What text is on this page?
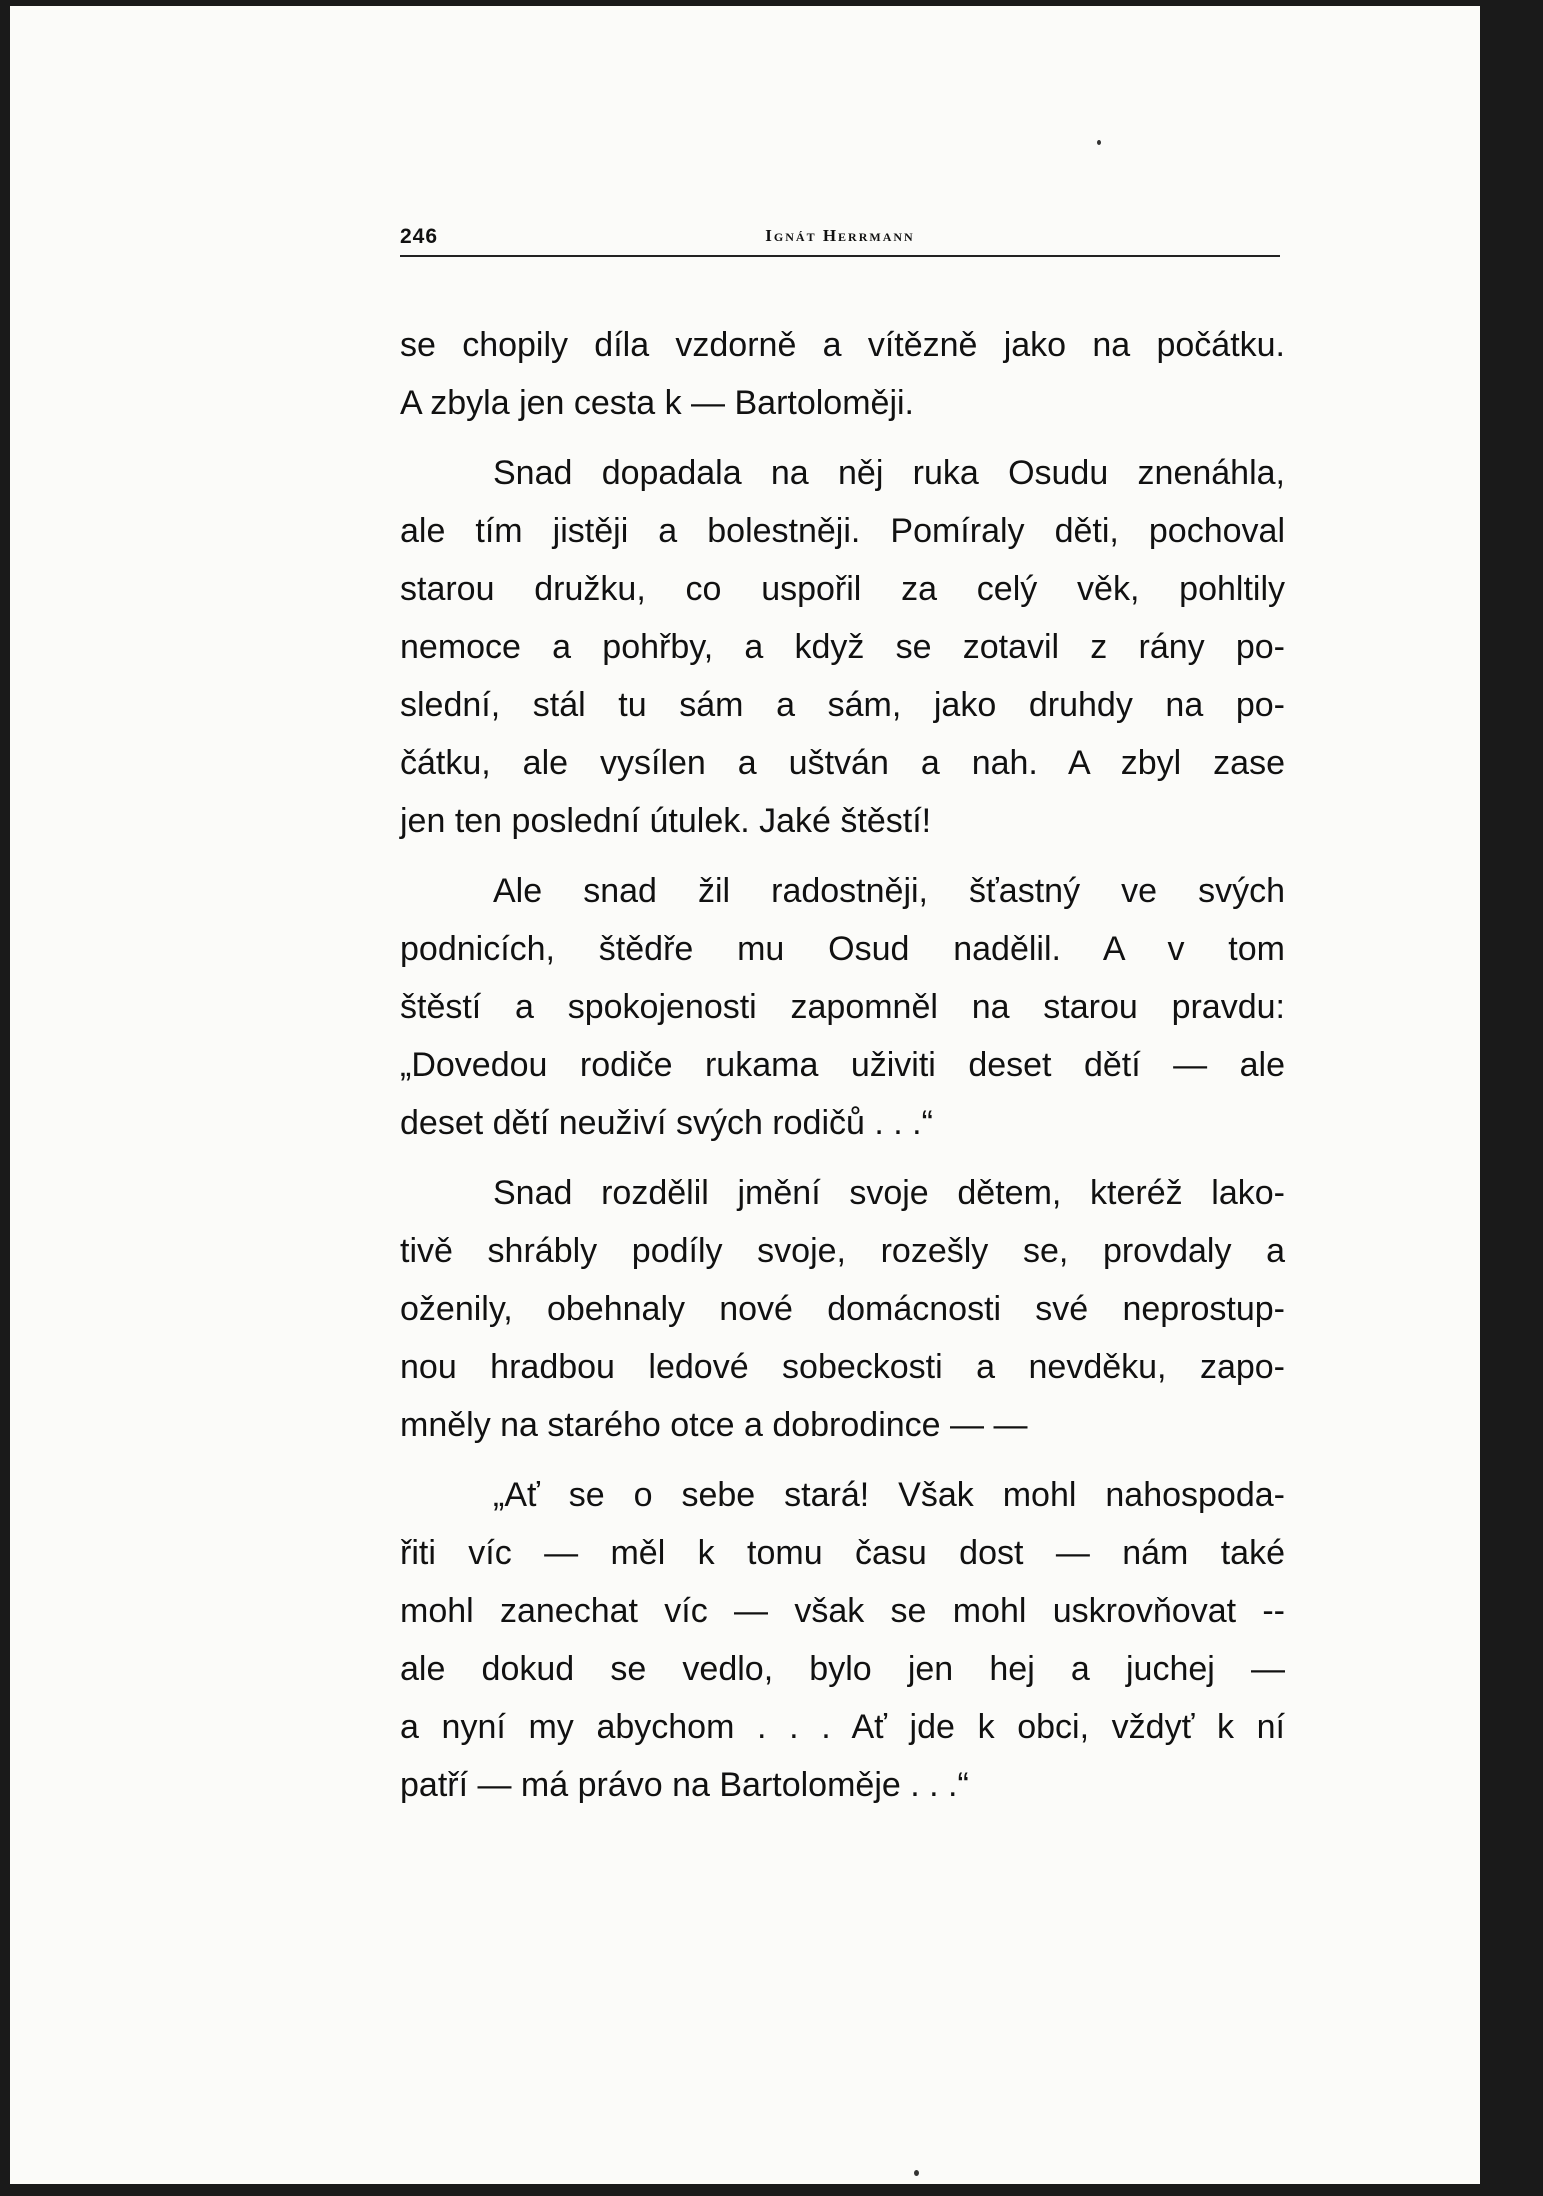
246	Ignát Herrmann

se chopily díla vzdorně a vítězně jako na počátku.
A zbyla jen cesta k — Bartoloměji.

Snad dopadala na něj ruka Osudu znenáhla,
ale tím jistěji a bolestněji. Pomíraly děti, pochoval
starou družku, co uspořil za celý věk, pohltily
nemoce a pohřby, a když se zotavil z rány po-
slední, stál tu sám a sám, jako druhdy na po-
čátku, ale vysílen a uštván a nah. A zbyl zase
jen ten poslední útulek. Jaké štěstí!

Ale snad žil radostněji, šťastný ve svých
podnicích, štědře mu Osud nadělil. A v tom
štěstí a spokojenosti zapomněl na starou pravdu:
„Dovedou rodiče rukama uživiti deset dětí — ale
deset dětí neuživí svých rodičů . . .“

Snad rozdělil jmění svoje dětem, kteréž lako-
tivě shrábly podíly svoje, rozešly se, provdaly a
oženily, obehnaly nové domácnosti své neprostup-
nou hradbou ledové sobeckosti a nevděku, zapo-
mněly na starého otce a dobrodince — —

„Ať se o sebe stará! Však mohl nahospoda-
řiti víc — měl k tomu času dost — nám také
mohl zanechat víc — však se mohl uskrovňovat --
ale dokud se vedlo, bylo jen hej a juchej —
a nyní my abychom . . . Ať jde k obci, vždyť k ní
patří — má právo na Bartoloměje . . .“
